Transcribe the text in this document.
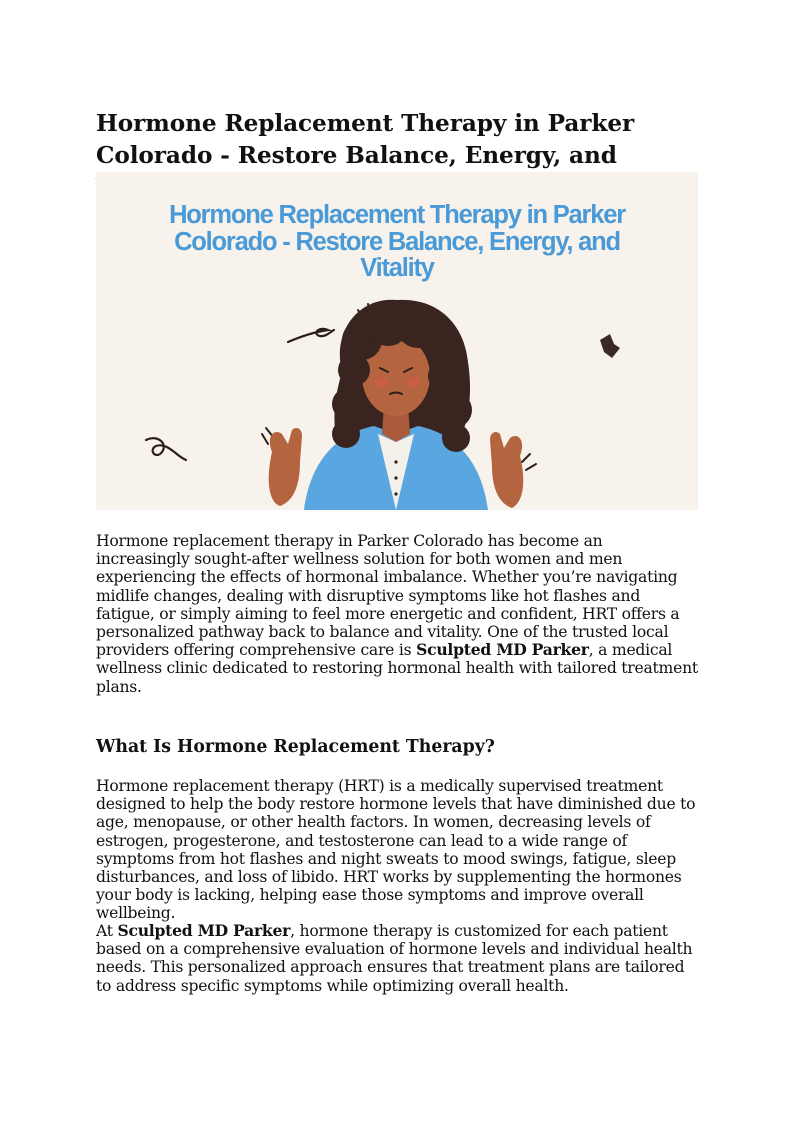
Hormone Replacement Therapy in Parker
Colorado - Restore Balance, Energy, and
Hormone Replacement Therapy in Parker
Colorado - Restore Balance, Energy, and
Vitality

Hormone replacement therapy in Parker Colorado has become an increasingly sought-after wellness solution for both women and men experiencing the effects of hormonal imbalance. Whether you’re navigating midlife changes, dealing with disruptive symptoms like hot flashes and fatigue, or simply aiming to feel more energetic and confident, HRT offers a personalized pathway back to balance and vitality. One of the trusted local providers offering comprehensive care is Sculpted MD Parker, a medical wellness clinic dedicated to restoring hormonal health with tailored treatment plans.

What Is Hormone Replacement Therapy?

Hormone replacement therapy (HRT) is a medically supervised treatment designed to help the body restore hormone levels that have diminished due to age, menopause, or other health factors. In women, decreasing levels of estrogen, progesterone, and testosterone can lead to a wide range of symptoms from hot flashes and night sweats to mood swings, fatigue, sleep disturbances, and loss of libido. HRT works by supplementing the hormones your body is lacking, helping ease those symptoms and improve overall wellbeing.

At Sculpted MD Parker, hormone therapy is customized for each patient based on a comprehensive evaluation of hormone levels and individual health needs. This personalized approach ensures that treatment plans are tailored to address specific symptoms while optimizing overall health.
